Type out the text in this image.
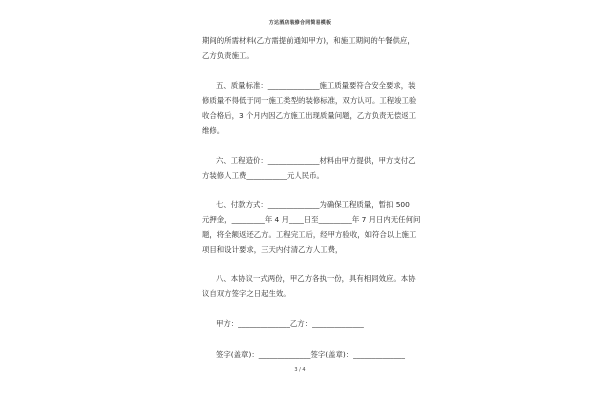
方达酒店装修合同简易模板
期间的所需材料(乙方需提前通知甲方)，和施工期间的午餐供应，
乙方负责施工。
五、质量标准：______________施工质量要符合安全要求，装
修质量不得低于同一施工类型的装修标准，双方认可。工程竣工验
收合格后，3 个月内因乙方施工出现质量问题，乙方负责无偿返工
维修。
六、工程造价：______________材料由甲方提供，甲方支付乙
方装修人工费___________元人民币。
七、付款方式：______________为确保工程质量，暂扣 500
元押金，_________年 4 月____日至_________年 7 月日内无任何问
题，将全额返还乙方。工程完工后，经甲方验收，如符合以上施工
项目和设计要求，三天内付清乙方人工费，
八、本协议一式两份，甲乙方各执一份，具有相同效应。本协
议自双方签字之日起生效。
甲方：______________乙方：______________
签字(盖章)：______________签字(盖章)：______________
3 / 4
